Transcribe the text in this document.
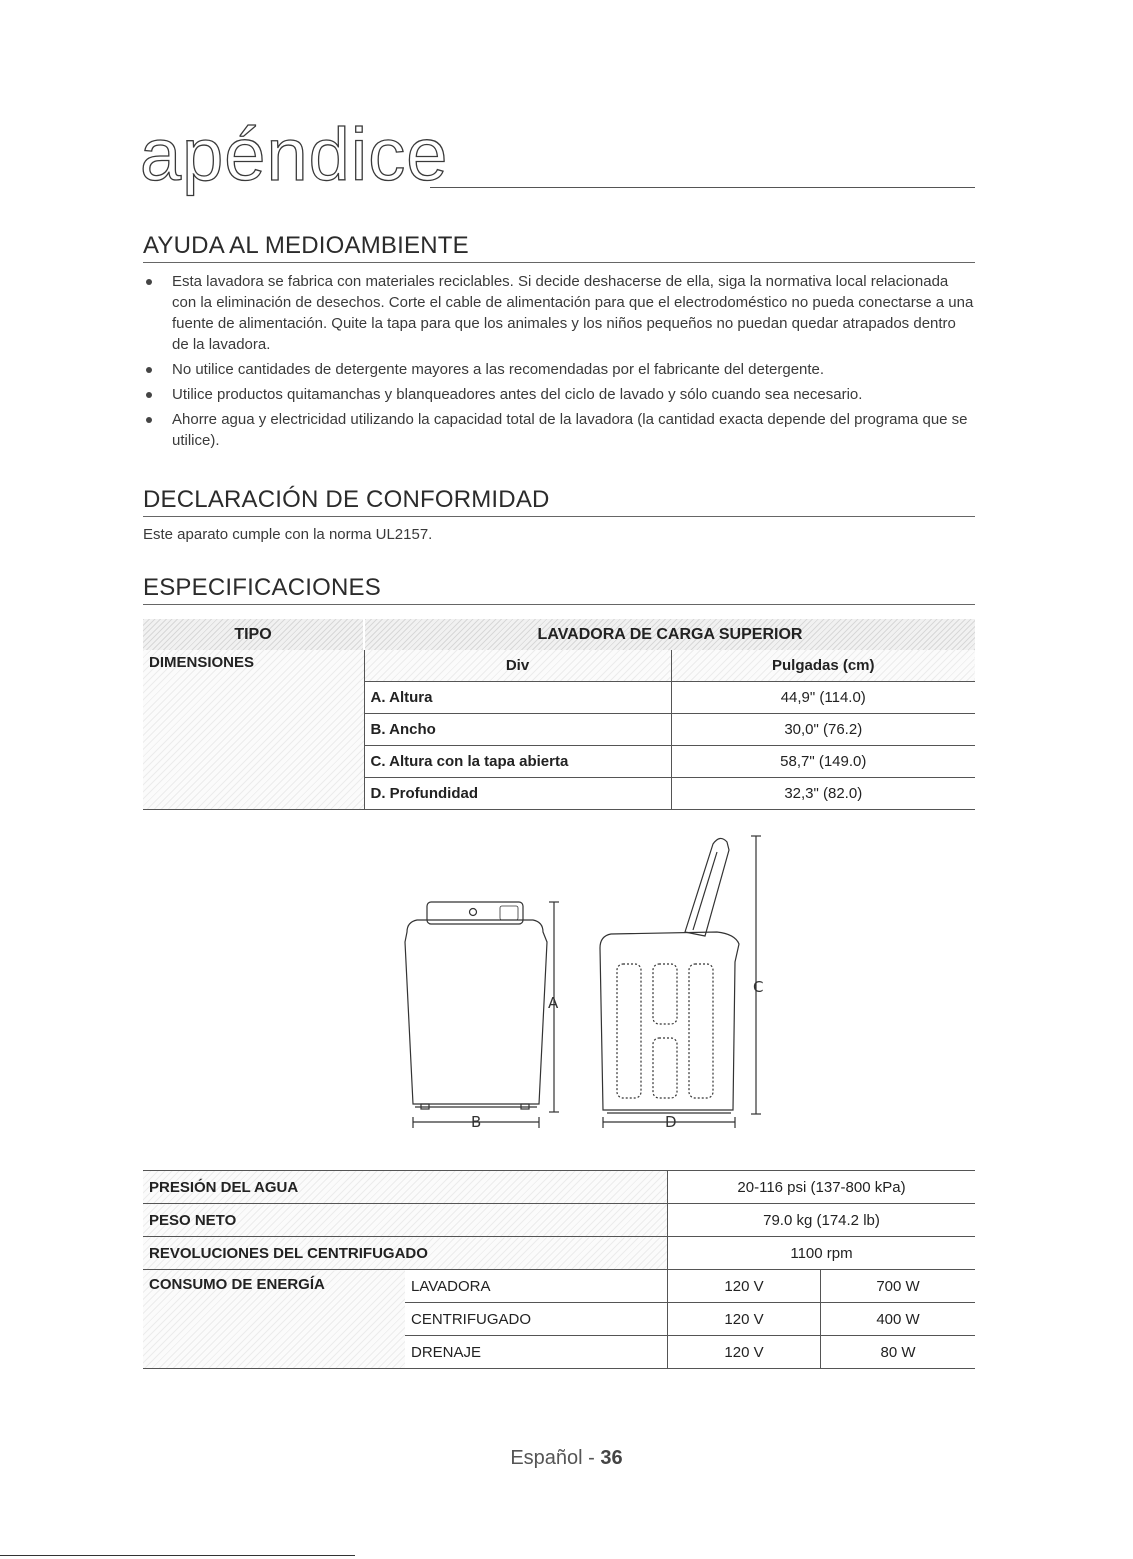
apéndice
AYUDA AL MEDIOAMBIENTE
Esta lavadora se fabrica con materiales reciclables. Si decide deshacerse de ella, siga la normativa local relacionada con la eliminación de desechos. Corte el cable de alimentación para que el electrodoméstico no pueda conectarse a una fuente de alimentación. Quite la tapa para que los animales y los niños pequeños no puedan quedar atrapados dentro de la lavadora.
No utilice cantidades de detergente mayores a las recomendadas por el fabricante del detergente.
Utilice productos quitamanchas y blanqueadores antes del ciclo de lavado y sólo cuando sea necesario.
Ahorre agua y electricidad utilizando la capacidad total de la lavadora (la cantidad exacta depende del programa que se utilice).
DECLARACIÓN DE CONFORMIDAD
Este aparato cumple con la norma UL2157.
ESPECIFICACIONES
TIPO	LAVADORA DE CARGA SUPERIOR	
DIMENSIONES	Div	Pulgadas (cm)
	A. Altura	44,9" (114.0)
	B. Ancho	30,0" (76.2)
	C. Altura con la tapa abierta	58,7" (149.0)
	D. Profundidad	32,3" (82.0)
A
B
C
D
PRESIÓN DEL AGUA		20-116 psi (137-800 kPa)	
PESO NETO		79.0 kg (174.2 lb)	
REVOLUCIONES DEL CENTRIFUGADO		1100 rpm	
CONSUMO DE ENERGÍA	LAVADORA	120 V	700 W
	CENTRIFUGADO	120 V	400 W
	DRENAJE	120 V	80 W
Español - 36
